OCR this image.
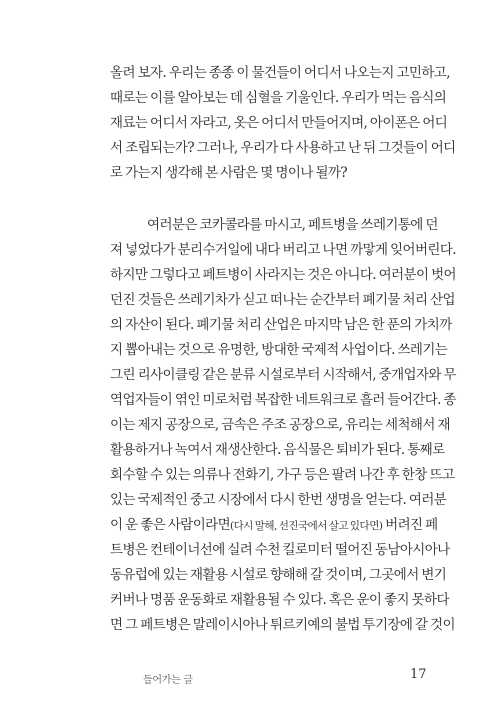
올려 보자. 우리는 종종 이 물건들이 어디서 나오는지 고민하고,
때로는 이를 알아보는 데 심혈을 기울인다. 우리가 먹는 음식의
재료는 어디서 자라고, 옷은 어디서 만들어지며, 아이폰은 어디
서 조립되는가? 그러나, 우리가 다 사용하고 난 뒤 그것들이 어디
로 가는지 생각해 본 사람은 몇 명이나 될까?
여러분은 코카콜라를 마시고, 페트병을 쓰레기통에 던
져 넣었다가 분리수거일에 내다 버리고 나면 까맣게 잊어버린다.
하지만 그렇다고 페트병이 사라지는 것은 아니다. 여러분이 벗어
던진 것들은 쓰레기차가 싣고 떠나는 순간부터 폐기물 처리 산업
의 자산이 된다. 폐기물 처리 산업은 마지막 남은 한 푼의 가치까
지 뽑아내는 것으로 유명한, 방대한 국제적 사업이다. 쓰레기는
그린 리사이클링 같은 분류 시설로부터 시작해서, 중개업자와 무
역업자들이 엮인 미로처럼 복잡한 네트워크로 흘러 들어간다. 종
이는 제지 공장으로, 금속은 주조 공장으로, 유리는 세척해서 재
활용하거나 녹여서 재생산한다. 음식물은 퇴비가 된다. 통째로
회수할 수 있는 의류나 전화기, 가구 등은 팔려 나간 후 한창 뜨고
있는 국제적인 중고 시장에서 다시 한번 생명을 얻는다. 여러분
이 운 좋은 사람이라면(다시 말해, 선진국에서 살고 있다면) 버려진 페
트병은 컨테이너선에 실려 수천 킬로미터 떨어진 동남아시아나
동유럽에 있는 재활용 시설로 향해해 갈 것이며, 그곳에서 변기
커버나 명품 운동화로 재활용될 수 있다. 혹은 운이 좋지 못하다
면 그 페트병은 말레이시아나 튀르키예의 불법 투기장에 갈 것이
들어가는 글	17
